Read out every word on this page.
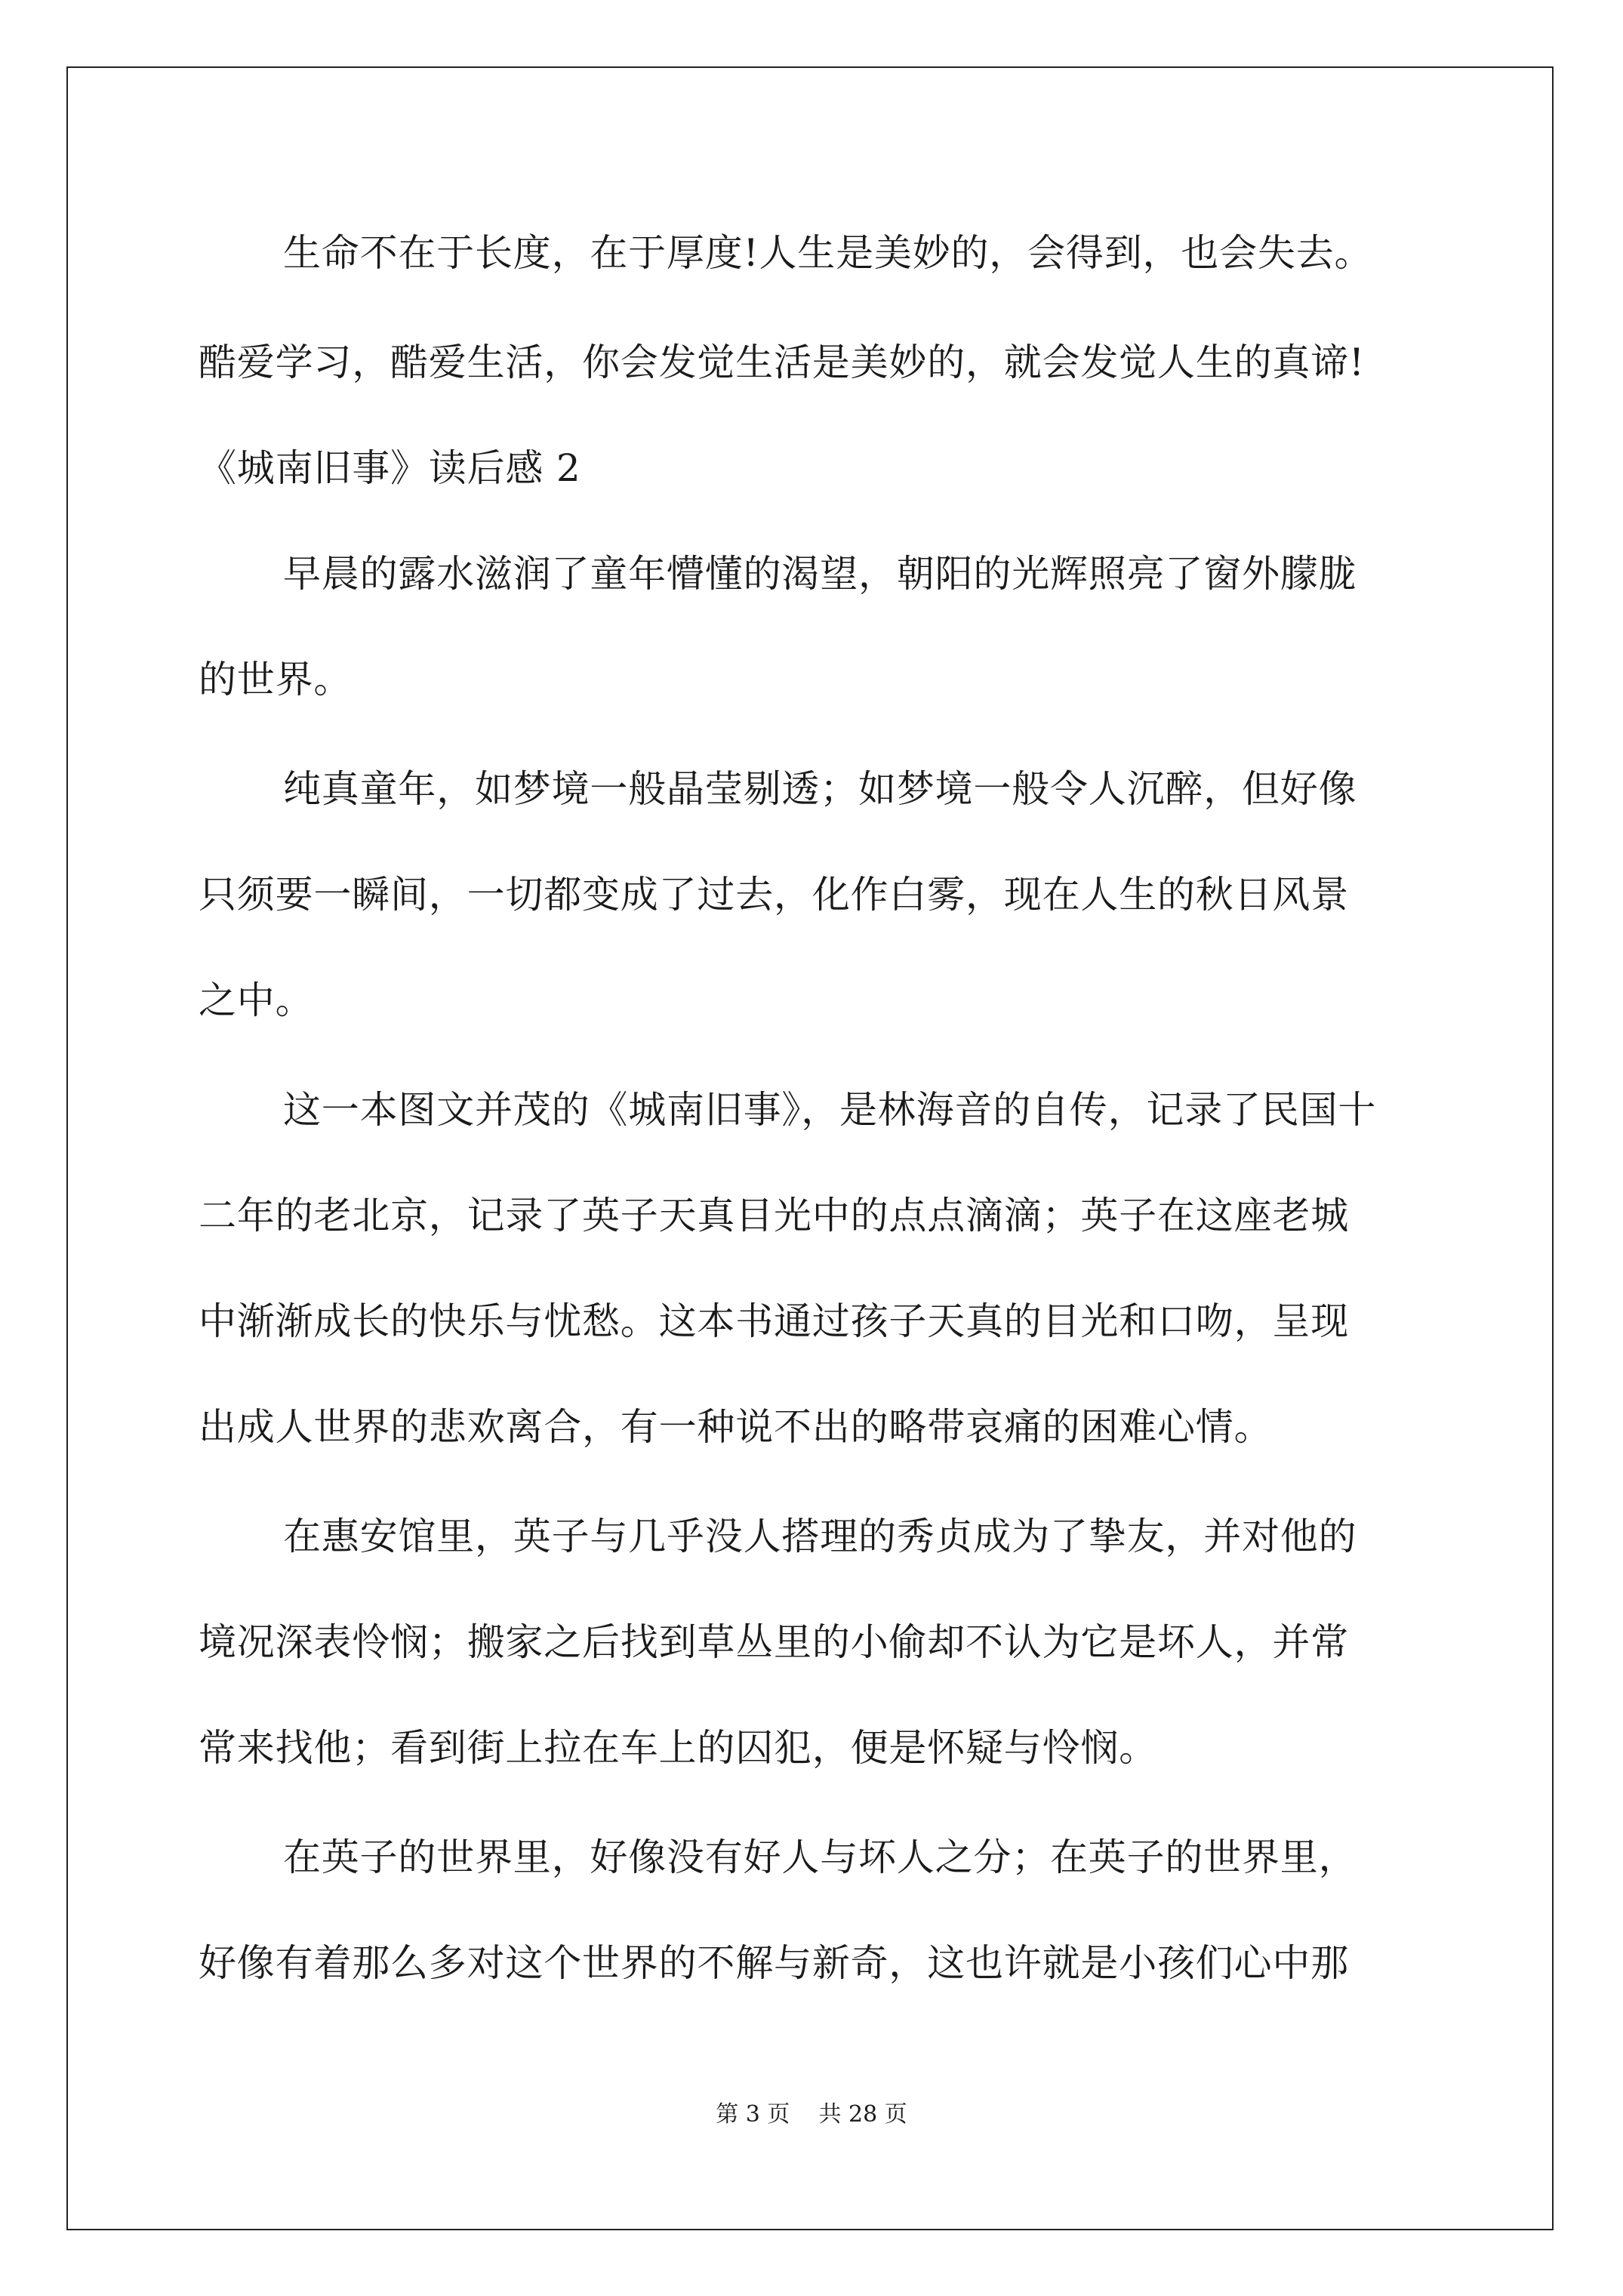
生命不在于长度，在于厚度!人生是美妙的，会得到，也会失去。
酷爱学习，酷爱生活，你会发觉生活是美妙的，就会发觉人生的真谛!
《城南旧事》读后感 2
早晨的露水滋润了童年懵懂的渴望，朝阳的光辉照亮了窗外朦胧
的世界。
纯真童年，如梦境一般晶莹剔透；如梦境一般令人沉醉，但好像
只须要一瞬间，一切都变成了过去，化作白雾，现在人生的秋日风景
之中。
这一本图文并茂的《城南旧事》，是林海音的自传，记录了民国十
二年的老北京，记录了英子天真目光中的点点滴滴；英子在这座老城
中渐渐成长的快乐与忧愁。这本书通过孩子天真的目光和口吻，呈现
出成人世界的悲欢离合，有一种说不出的略带哀痛的困难心情。
在惠安馆里，英子与几乎没人搭理的秀贞成为了挚友，并对他的
境况深表怜悯；搬家之后找到草丛里的小偷却不认为它是坏人，并常
常来找他；看到街上拉在车上的囚犯，便是怀疑与怜悯。
在英子的世界里，好像没有好人与坏人之分；在英子的世界里，
好像有着那么多对这个世界的不解与新奇，这也许就是小孩们心中那
第 3 页    共 28 页
